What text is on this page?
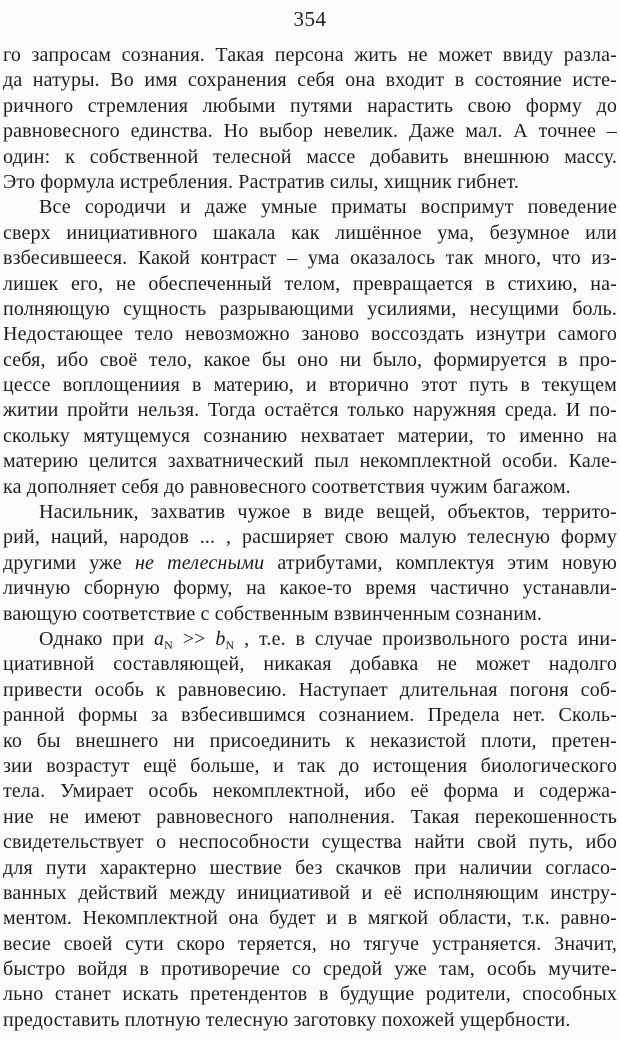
354
го запросам сознания. Такая персона жить не может ввиду разла-
да натуры. Во имя сохранения себя она входит в состояние исте-
ричного стремления любыми путями нарастить свою форму до
равновесного единства. Но выбор невелик. Даже мал. А точнее –
один: к собственной телесной массе добавить внешнюю массу.
Это формула истребления. Растратив силы, хищник гибнет.
Все сородичи и даже умные приматы воспримут поведение
сверх инициативного шакала как лишённое ума, безумное или
взбесившееся. Какой контраст – ума оказалось так много, что из-
лишек его, не обеспеченный телом, превращается в стихию, на-
полняющую сущность разрывающими усилиями, несущими боль.
Недостающее тело невозможно заново воссоздать изнутри самого
себя, ибо своё тело, какое бы оно ни было, формируется в про-
цессе воплощениия в материю, и вторично этот путь в текущем
житии пройти нельзя. Тогда остаётся только наружняя среда. И по-
скольку мятущемуся сознанию нехватает материи, то именно на
материю целится захватнический пыл некомплектной особи. Кале-
ка дополняет себя до равновесного соответствия чужим багажом.
Насильник, захватив чужое в виде вещей, объектов, террито-
рий, наций, народов ... , расширяет свою малую телесную форму
другими уже не телесными атрибутами, комплектуя этим новую
личную сборную форму, на какое-то время частично устанавли-
вающую соответствие с собственным взвинченным сознаним.
Однако при $a_N >> b_N$ , т.е. в случае произвольного роста ини-
циативной составляющей, никакая добавка не может надолго
привести особь к равновесию. Наступает длительная погоня соб-
ранной формы за взбесившимся сознанием. Предела нет. Сколь-
ко бы внешнего ни присоединить к неказистой плоти, претен-
зии возрастут ещё больше, и так до истощения биологического
тела. Умирает особь некомплектной, ибо её форма и содержа-
ние не имеют равновесного наполнения. Такая перекошенность
свидетельствует о неспособности существа найти свой путь, ибо
для пути характерно шествие без скачков при наличии согласо-
ванных действий между инициативой и её исполняющим инстру-
ментом. Некомплектной она будет и в мягкой области, т.к. равно-
весие своей сути скоро теряется, но тягуче устраняется. Значит,
быстро войдя в противоречие со средой уже там, особь мучите-
льно станет искать претендентов в будущие родители, способных
предоставить плотную телесную заготовку похожей ущербности.
